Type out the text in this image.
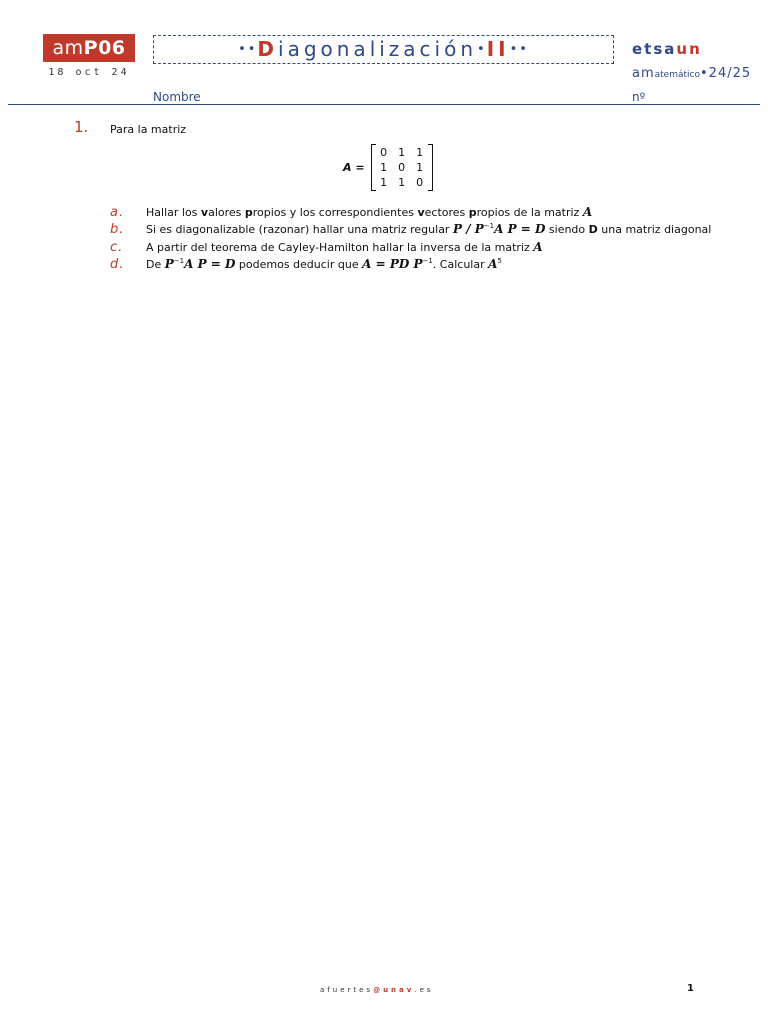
amP06
18 oct 24
••Diagonalización•II••	etsaun
amatemático•24/25
Nombre	nº
1. Para la matriz
A =
0	1	1
1	0	1
1	1	0
a.	Hallar los valores propios y los correspondientes vectores propios de la matriz A
b.	Si es diagonalizable (razonar) hallar una matriz regular P / $P^{-1}A$ P = D siendo D una matriz diagonal
c.	A partir del teorema de Cayley-Hamilton hallar la inversa de la matriz A
d.	De $P^{-1}A$ P = D podemos deducir que A = PD $P^{-1}$. Calcular $A^5$
afuertes@unav.es	1
